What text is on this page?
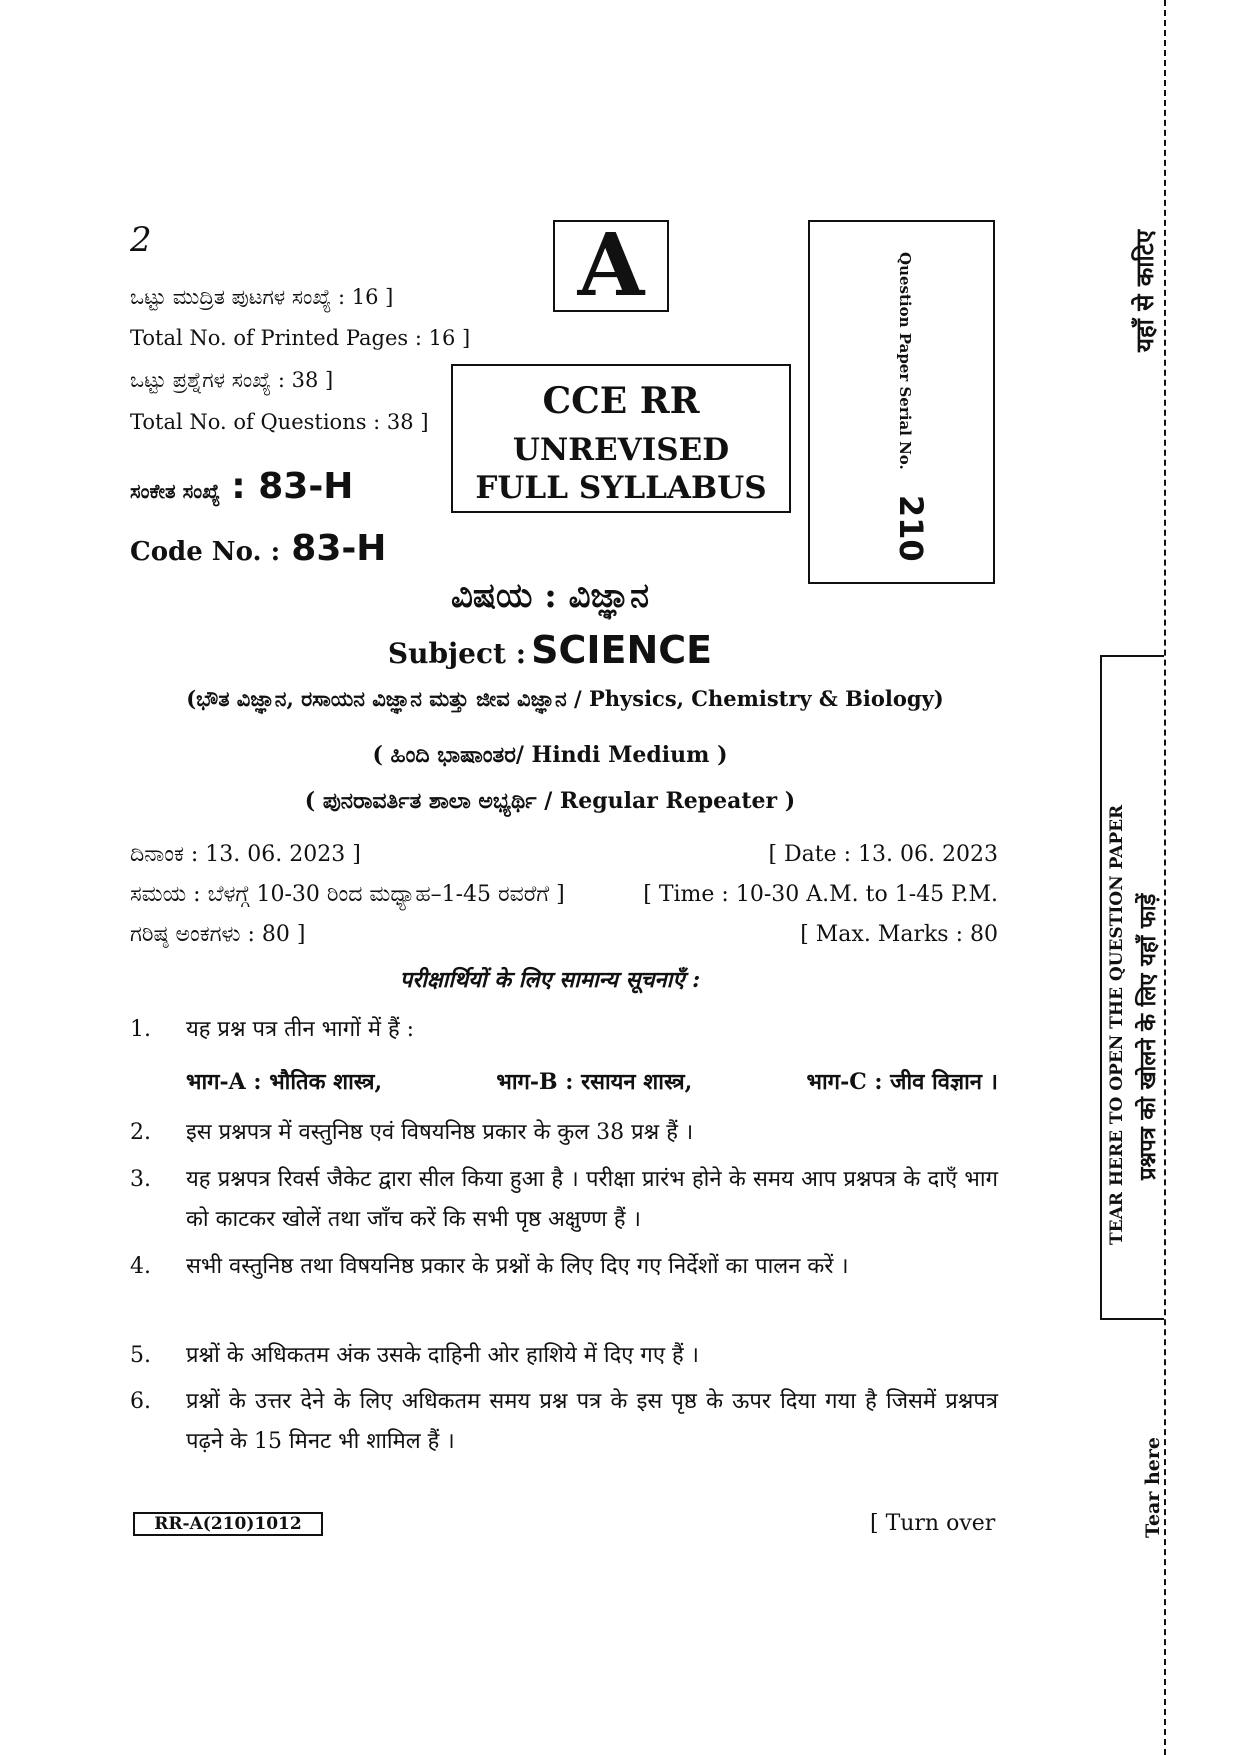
2
ಒಟ್ಟು ಮುದ್ರಿತ ಪುಟಗಳ ಸಂಖ್ಯೆ : 16 ]
Total No. of Printed Pages : 16 ]
ಒಟ್ಟು ಪ್ರಶ್ನೆಗಳ ಸಂಖ್ಯೆ : 38 ]
Total No. of Questions : 38 ]
ಸಂಕೇತ ಸಂಖ್ಯೆ : 83-H
Code No. : 83-H
A
CCE RR
UNREVISED
FULL SYLLABUS
Question Paper Serial No. 210
ವಿಷಯ : ವಿಜ್ಞಾನ
Subject : SCIENCE
(ಭೌತ ವಿಜ್ಞಾನ, ರಸಾಯನ ವಿಜ್ಞಾನ ಮತ್ತು ಜೀವ ವಿಜ್ಞಾನ / Physics, Chemistry & Biology)
( ಹಿಂದಿ ಭಾಷಾಂತರ/ Hindi Medium )
( ಪುನರಾವರ್ತಿತ ಶಾಲಾ ಅಭ್ಯರ್ಥಿ / Regular Repeater )
ದಿನಾಂಕ : 13. 06. 2023 ]	[ Date : 13. 06. 2023
ಸಮಯ : ಬೆಳಗ್ಗೆ 10-30 ರಿಂದ ಮಧ್ಯಾಹ–1-45 ರವರೆಗೆ ]	[ Time : 10-30 A.M. to 1-45 P.M.
ಗರಿಷ್ಠ ಅಂಕಗಳು : 80 ]	[ Max. Marks : 80
परीक्षार्थियों के लिए सामान्य सूचनाएँ :
1. यह प्रश्न पत्र तीन भागों में हैं :
भाग-A : भौतिक शास्त्र,	भाग-B : रसायन शास्त्र,	भाग-C : जीव विज्ञान ।
2. इस प्रश्नपत्र में वस्तुनिष्ठ एवं विषयनिष्ठ प्रकार के कुल 38 प्रश्न हैं ।
3. यह प्रश्नपत्र रिवर्स जैकेट द्वारा सील किया हुआ है । परीक्षा प्रारंभ होने के समय आप प्रश्नपत्र के दाएँ भाग को काटकर खोलें तथा जाँच करें कि सभी पृष्ठ अक्षुण्ण हैं ।
4. सभी वस्तुनिष्ठ तथा विषयनिष्ठ प्रकार के प्रश्नों के लिए दिए गए निर्देशों का पालन करें ।
5. प्रश्नों के अधिकतम अंक उसके दाहिनी ओर हाशिये में दिए गए हैं ।
6. प्रश्नों के उत्तर देने के लिए अधिकतम समय प्रश्न पत्र के इस पृष्ठ के ऊपर दिया गया है जिसमें प्रश्नपत्र पढ़ने के 15 मिनट भी शामिल हैं ।
RR-A(210)1012	[ Turn over
यहाँ से काटिए
TEAR HERE TO OPEN THE QUESTION PAPER प्रश्नपत्र को खोलने के लिए यहाँ फाड़ें
Tear here
